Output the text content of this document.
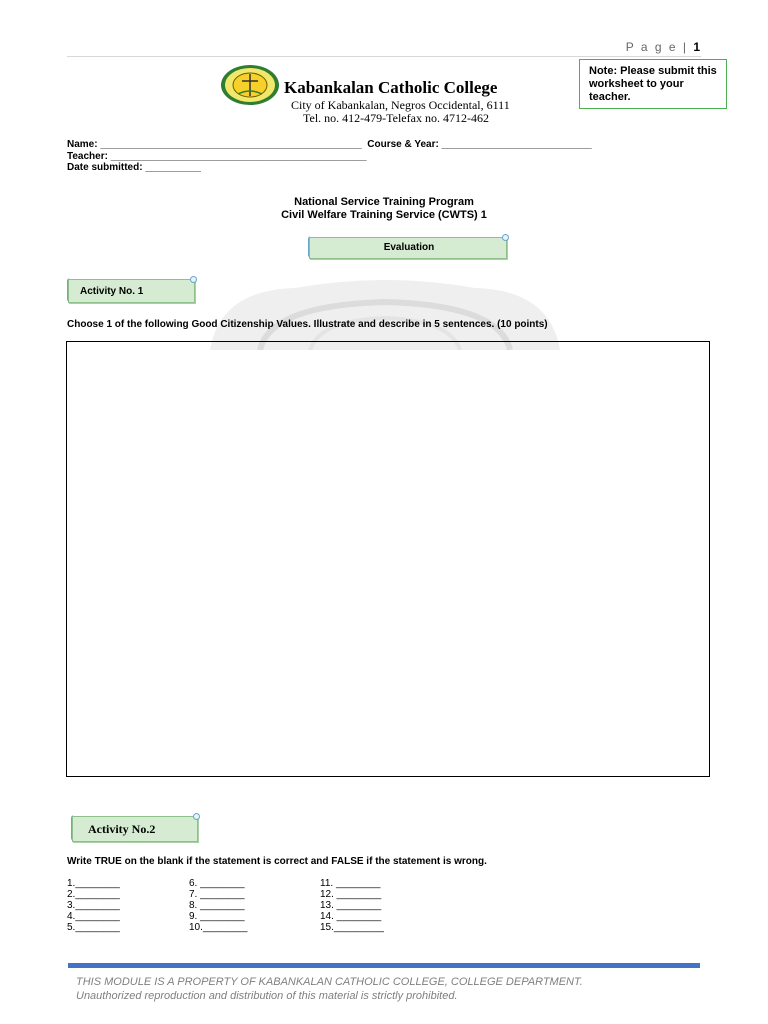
P a g e | 1
Kabankalan Catholic College
City of Kabankalan, Negros Occidental, 6111
Tel. no. 412-479-Telefax no. 4712-462
Note: Please submit this worksheet to your teacher.
Name: _______________________________________________  Course & Year: ___________________________
Teacher: ______________________________________________
Date submitted: __________
National Service Training Program
Civil Welfare Training Service (CWTS) 1
Evaluation
Activity No. 1
Choose 1 of the following Good Citizenship Values. Illustrate and describe in 5 sentences. (10 points)
Activity No.2
Write TRUE on the blank if the statement is correct and FALSE if the statement is wrong.
1.________
2.________
3.________
4.________
5.________
6. ________
7. ________
8. ________
9. ________
10.________
11. ________
12. ________
13. ________
14. ________
15._________
THIS MODULE IS A PROPERTY OF KABANKALAN CATHOLIC COLLEGE, COLLEGE DEPARTMENT.
Unauthorized reproduction and distribution of this material is strictly prohibited.
